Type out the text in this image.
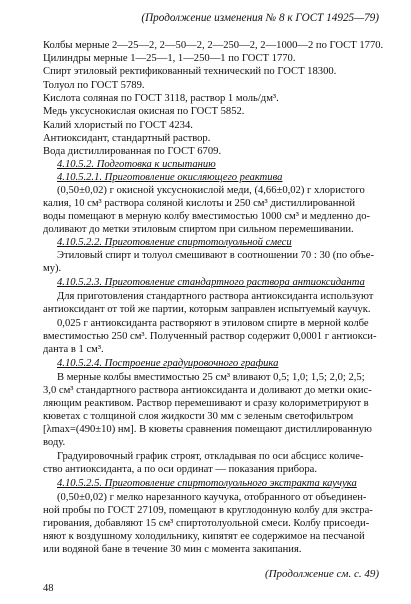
(Продолжение изменения № 8 к ГОСТ 14925—79)
Колбы мерные 2—25—2, 2—50—2, 2—250—2, 2—1000—2 по ГОСТ 1770.
Цилиндры мерные 1—25—1, 1—250—1 по ГОСТ 1770.
Спирт этиловый ректификованный технический по ГОСТ 18300.
Толуол по ГОСТ 5789.
Кислота соляная по ГОСТ 3118, раствор 1 моль/дм³.
Медь уксуснокислая окисная по ГОСТ 5852.
Калий хлористый по ГОСТ 4234.
Антиоксидант, стандартный раствор.
Вода дистиллированная по ГОСТ 6709.
4.10.5.2. Подготовка к испытанию
4.10.5.2.1. Приготовление окисляющего реактива
(0,50±0,02) г окисной уксуснокислой меди, (4,66±0,02) г хлористого
калия, 10 см³ раствора соляной кислоты и 250 см³ дистиллированной
воды помещают в мерную колбу вместимостью 1000 см³ и медленно до-
доливают до метки этиловым спиртом при сильном перемешивании.
4.10.5.2.2. Приготовление спиртотолуольной смеси
Этиловый спирт и толуол смешивают в соотношении 70 : 30 (по объе-
му).
4.10.5.2.3. Приготовление стандартного раствора антиоксиданта
Для приготовления стандартного раствора антиоксиданта используют
антиоксидант от той же партии, которым заправлен испытуемый каучук.
0,025 г антиоксиданта растворяют в этиловом спирте в мерной колбе
вместимостью 250 см³. Полученный раствор содержит 0,0001 г антиокси-
данта в 1 см³.
4.10.5.2.4. Построение градуировочного графика
В мерные колбы вместимостью 25 см³ вливают 0,5; 1,0; 1,5; 2,0; 2,5;
3,0 см³ стандартного раствора антиоксиданта и доливают до метки окис-
ляющим реактивом. Раствор перемешивают и сразу колориметрируют в
кюветах с толщиной слоя жидкости 30 мм с зеленым светофильтром
[λmax=(490±10) нм]. В кюветы сравнения помещают дистиллированную
воду.
Градуировочный график строят, откладывая по оси абсцисс количе-
ство антиоксиданта, а по оси ординат — показания прибора.
4.10.5.2.5. Приготовление спиртотолуольного экстракта каучука
(0,50±0,02) г мелко нарезанного каучука, отобранного от объединен-
ной пробы по ГОСТ 27109, помещают в круглодонную колбу для экстра-
гирования, добавляют 15 см³ спиртотолуольной смеси. Колбу присоеди-
няют к воздушному холодильнику, кипятят ее содержимое на песчаной
или водяной бане в течение 30 мин с момента закипания.
(Продолжение см. с. 49)
48
